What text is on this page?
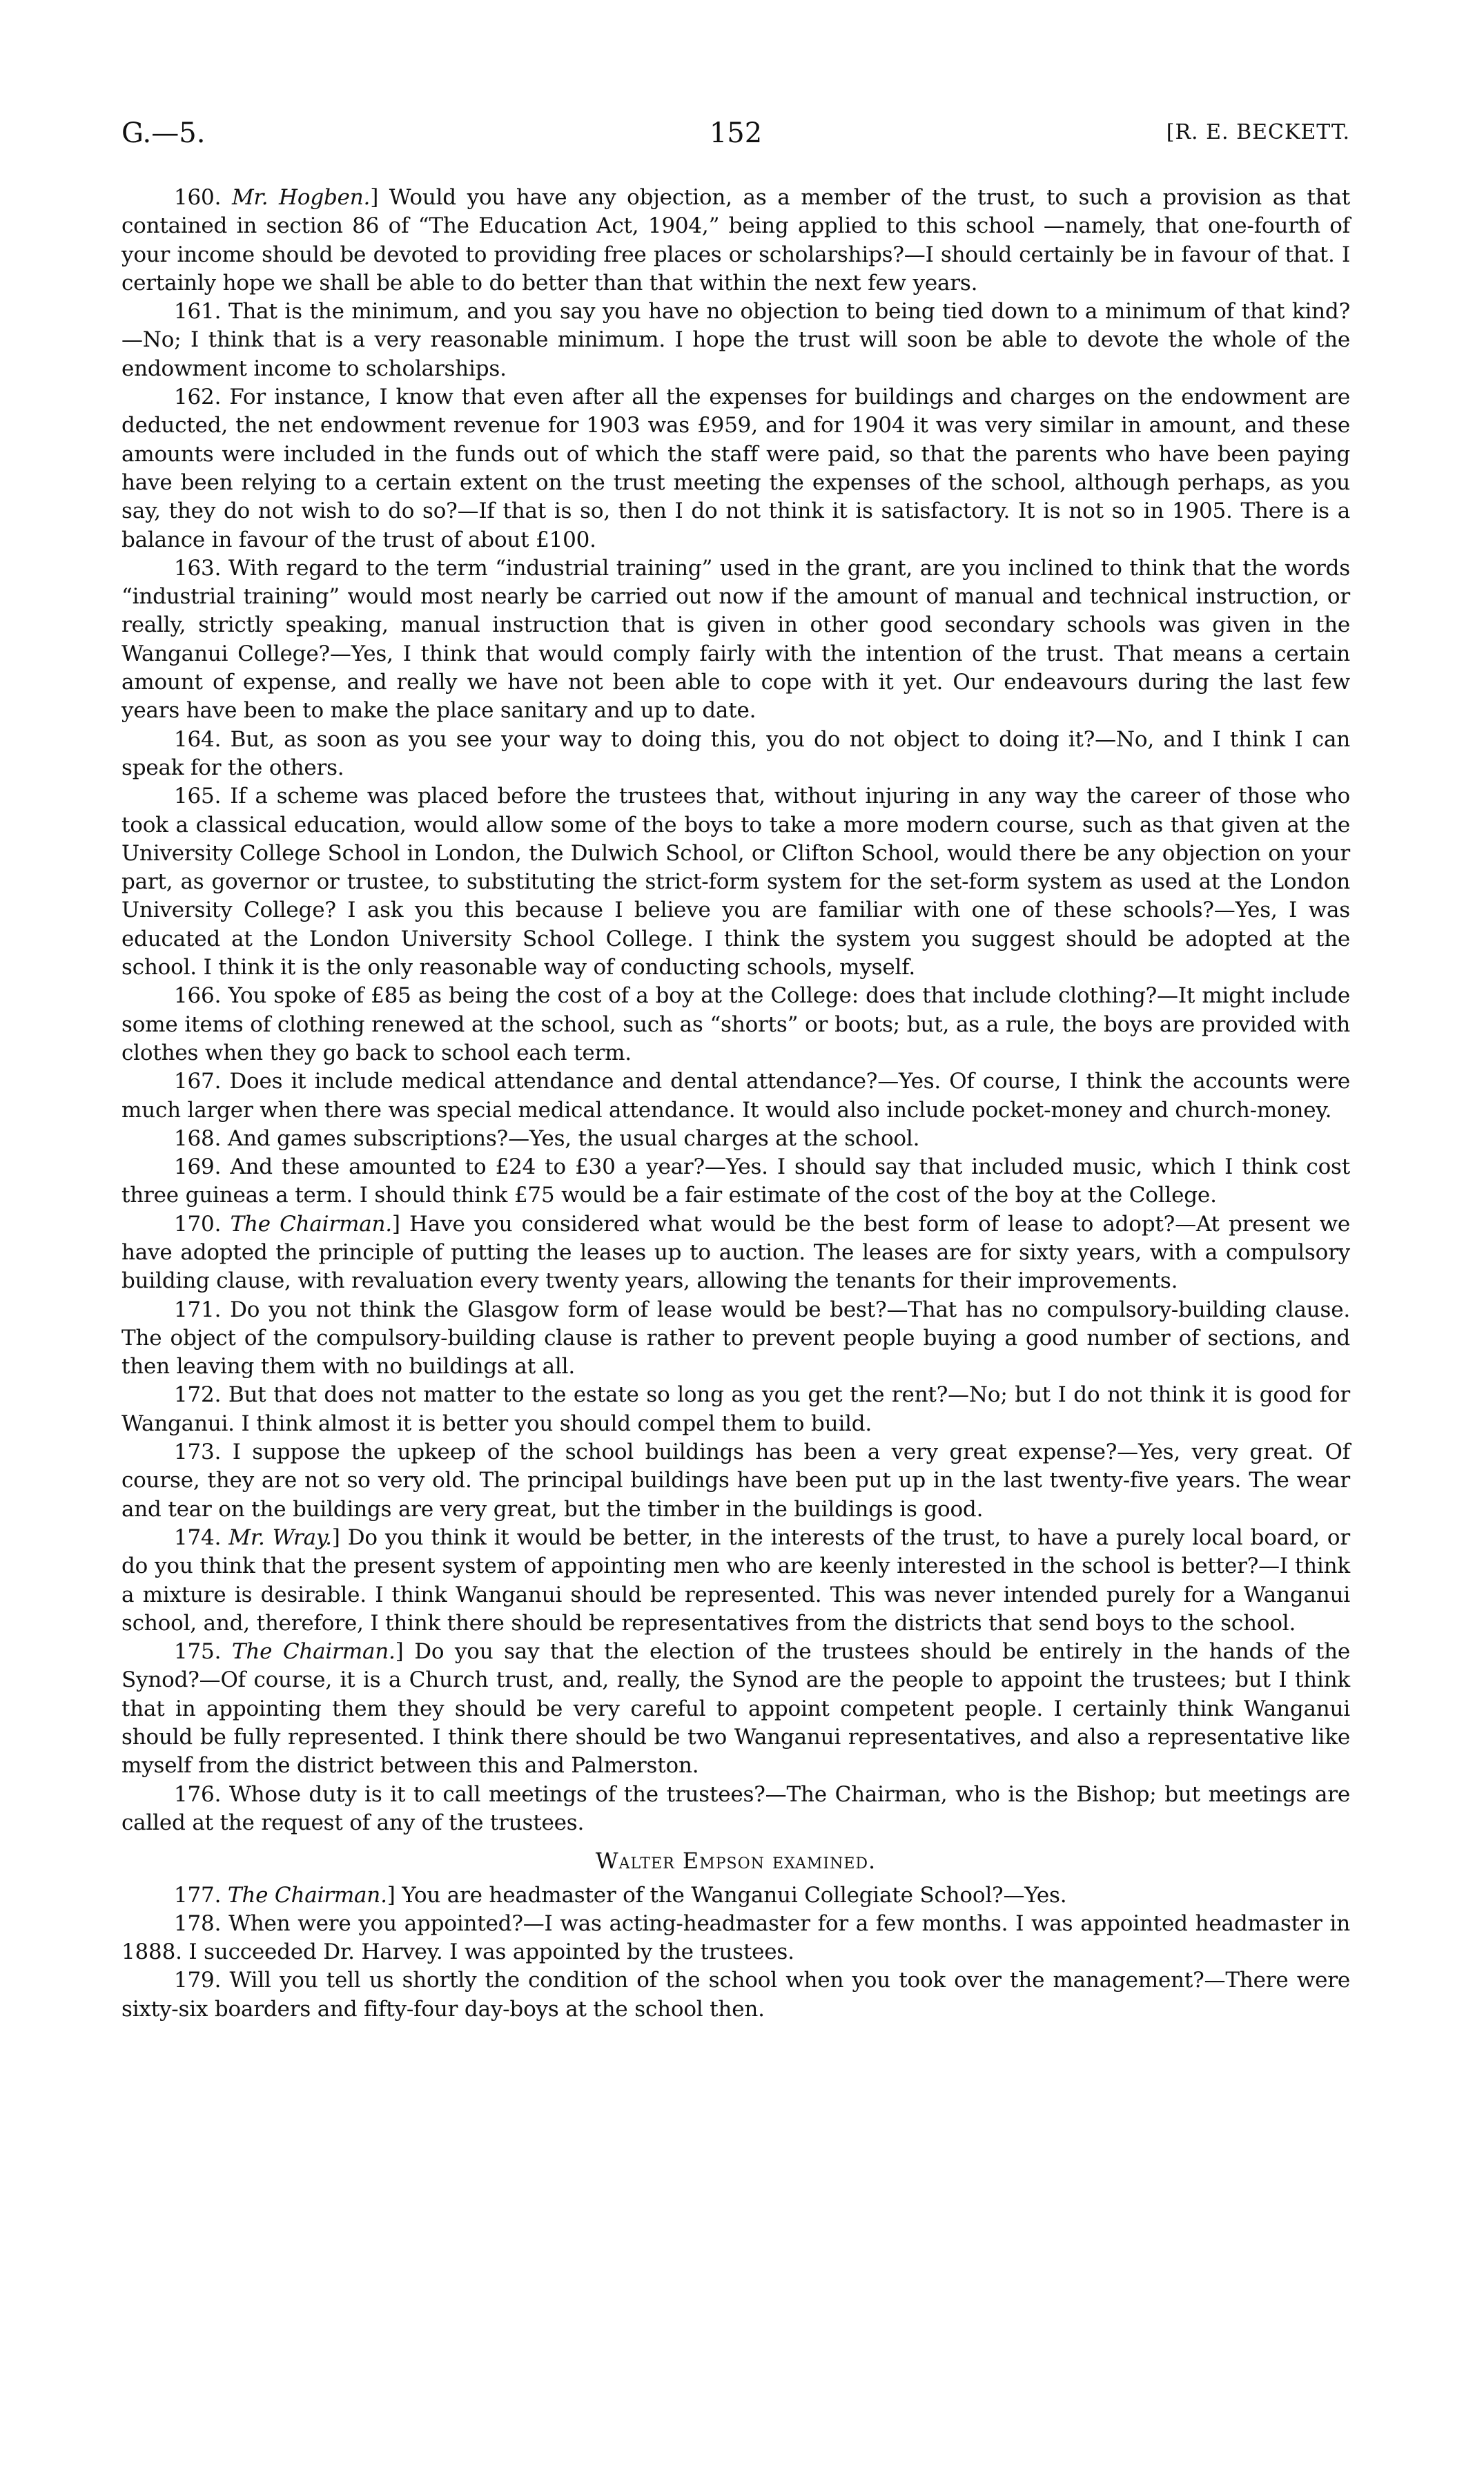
G.—5.	152	[R. E. BECKETT.

160. Mr. Hogben.] Would you have any objection, as a member of the trust, to such a provision as that contained in section 86 of “The Education Act, 1904,” being applied to this school —namely, that one-fourth of your income should be devoted to providing free places or scholarships?—I should certainly be in favour of that. I certainly hope we shall be able to do better than that within the next few years.

161. That is the minimum, and you say you have no objection to being tied down to a minimum of that kind?—No; I think that is a very reasonable minimum. I hope the trust will soon be able to devote the whole of the endowment income to scholarships.

162. For instance, I know that even after all the expenses for buildings and charges on the endowment are deducted, the net endowment revenue for 1903 was £959, and for 1904 it was very similar in amount, and these amounts were included in the funds out of which the staff were paid, so that the parents who have been paying have been relying to a certain extent on the trust meeting the expenses of the school, although perhaps, as you say, they do not wish to do so?—If that is so, then I do not think it is satisfactory. It is not so in 1905. There is a balance in favour of the trust of about £100.

163. With regard to the term “industrial training” used in the grant, are you inclined to think that the words “industrial training” would most nearly be carried out now if the amount of manual and technical instruction, or really, strictly speaking, manual instruction that is given in other good secondary schools was given in the Wanganui College?—Yes, I think that would comply fairly with the intention of the trust. That means a certain amount of expense, and really we have not been able to cope with it yet. Our endeavours during the last few years have been to make the place sanitary and up to date.

164. But, as soon as you see your way to doing this, you do not object to doing it?—No, and I think I can speak for the others.

165. If a scheme was placed before the trustees that, without injuring in any way the career of those who took a classical education, would allow some of the boys to take a more modern course, such as that given at the University College School in London, the Dulwich School, or Clifton School, would there be any objection on your part, as governor or trustee, to substituting the strict-form system for the set-form system as used at the London University College? I ask you this because I believe you are familiar with one of these schools?—Yes, I was educated at the London University School College. I think the system you suggest should be adopted at the school. I think it is the only reasonable way of conducting schools, myself.

166. You spoke of £85 as being the cost of a boy at the College: does that include clothing?—It might include some items of clothing renewed at the school, such as “shorts” or boots; but, as a rule, the boys are provided with clothes when they go back to school each term.

167. Does it include medical attendance and dental attendance?—Yes. Of course, I think the accounts were much larger when there was special medical attendance. It would also include pocket-money and church-money.

168. And games subscriptions?—Yes, the usual charges at the school.

169. And these amounted to £24 to £30 a year?—Yes. I should say that included music, which I think cost three guineas a term. I should think £75 would be a fair estimate of the cost of the boy at the College.

170. The Chairman.] Have you considered what would be the best form of lease to adopt?—At present we have adopted the principle of putting the leases up to auction. The leases are for sixty years, with a compulsory building clause, with revaluation every twenty years, allowing the tenants for their improvements.

171. Do you not think the Glasgow form of lease would be best?—That has no compulsory-building clause. The object of the compulsory-building clause is rather to prevent people buying a good number of sections, and then leaving them with no buildings at all.

172. But that does not matter to the estate so long as you get the rent?—No; but I do not think it is good for Wanganui. I think almost it is better you should compel them to build.

173. I suppose the upkeep of the school buildings has been a very great expense?—Yes, very great. Of course, they are not so very old. The principal buildings have been put up in the last twenty-five years. The wear and tear on the buildings are very great, but the timber in the buildings is good.

174. Mr. Wray.] Do you think it would be better, in the interests of the trust, to have a purely local board, or do you think that the present system of appointing men who are keenly interested in the school is better?—I think a mixture is desirable. I think Wanganui should be represented. This was never intended purely for a Wanganui school, and, therefore, I think there should be representatives from the districts that send boys to the school.

175. The Chairman.] Do you say that the election of the trustees should be entirely in the hands of the Synod?—Of course, it is a Church trust, and, really, the Synod are the people to appoint the trustees; but I think that in appointing them they should be very careful to appoint competent people. I certainly think Wanganui should be fully represented. I think there should be two Wanganui representatives, and also a representative like myself from the district between this and Palmerston.

176. Whose duty is it to call meetings of the trustees?—The Chairman, who is the Bishop; but meetings are called at the request of any of the trustees.

Walter Empson examined.

177. The Chairman.] You are headmaster of the Wanganui Collegiate School?—Yes.

178. When were you appointed?—I was acting-headmaster for a few months. I was appointed headmaster in 1888. I succeeded Dr. Harvey. I was appointed by the trustees.

179. Will you tell us shortly the condition of the school when you took over the management?—There were sixty-six boarders and fifty-four day-boys at the school then.
